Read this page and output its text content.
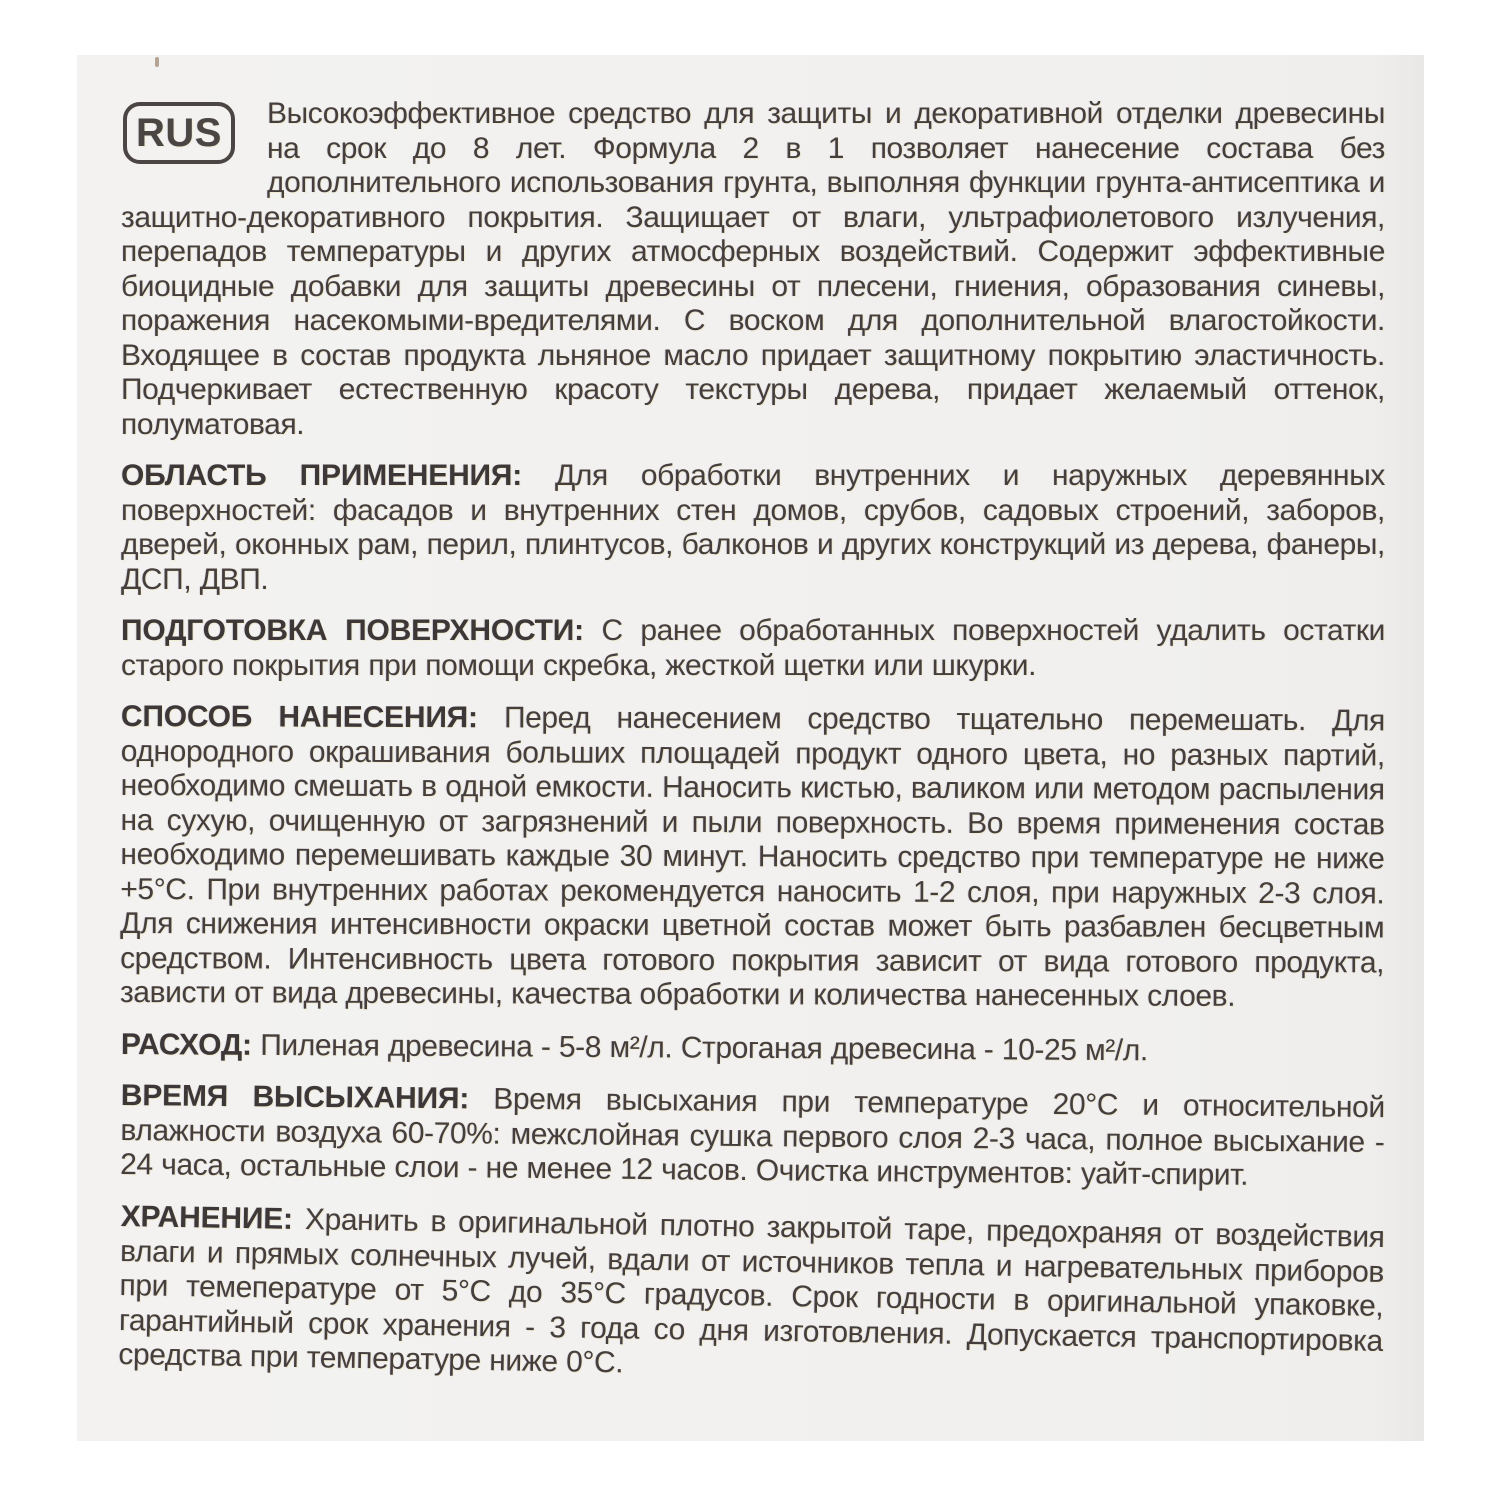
RUS Высокоэффективное средство для защиты и декоративной отделки древесины на срок до 8 лет. Формула 2 в 1 позволяет нанесение состава без дополнительного использования грунта, выполняя функции грунта-антисептика и защитно-декоративного покрытия. Защищает от влаги, ультрафиолетового излучения, перепадов температуры и других атмосферных воздействий. Содержит эффективные биоцидные добавки для защиты древесины от плесени, гниения, образования синевы, поражения насекомыми-вредителями. С воском для дополнительной влагостойкости. Входящее в состав продукта льняное масло придает защитному покрытию эластичность. Подчеркивает естественную красоту текстуры дерева, придает желаемый оттенок, полуматовая.

ОБЛАСТЬ ПРИМЕНЕНИЯ: Для обработки внутренних и наружных деревянных поверхностей: фасадов и внутренних стен домов, срубов, садовых строений, заборов, дверей, оконных рам, перил, плинтусов, балконов и других конструкций из дерева, фанеры, ДСП, ДВП.

ПОДГОТОВКА ПОВЕРХНОСТИ: С ранее обработанных поверхностей удалить остатки старого покрытия при помощи скребка, жесткой щетки или шкурки.

СПОСОБ НАНЕСЕНИЯ: Перед нанесением средство тщательно перемешать. Для однородного окрашивания больших площадей продукт одного цвета, но разных партий, необходимо смешать в одной емкости. Наносить кистью, валиком или методом распыления на сухую, очищенную от загрязнений и пыли поверхность. Во время применения состав необходимо перемешивать каждые 30 минут. Наносить средство при температуре не ниже +5°С. При внутренних работах рекомендуется наносить 1-2 слоя, при наружных 2-3 слоя. Для снижения интенсивности окраски цветной состав может быть разбавлен бесцветным средством. Интенсивность цвета готового покрытия зависит от вида готового продукта, зависти от вида древесины, качества обработки и количества нанесенных слоев.

РАСХОД: Пиленая древесина - 5-8 м²/л. Строганая древесина - 10-25 м²/л.

ВРЕМЯ ВЫСЫХАНИЯ: Время высыхания при температуре 20°С и относительной влажности воздуха 60-70%: межслойная сушка первого слоя 2-3 часа, полное высыхание - 24 часа, остальные слои - не менее 12 часов. Очистка инструментов: уайт-спирит.

ХРАНЕНИЕ: Хранить в оригинальной плотно закрытой таре, предохраняя от воздействия влаги и прямых солнечных лучей, вдали от источников тепла и нагревательных приборов при темеператур​е от 5°С до 35°С градусов. Срок годности в оригинальной упаковке, гарантийный срок хранения - 3 года со дня изготовления. Допускается транспортировка средства при температуре ниже 0°С.
